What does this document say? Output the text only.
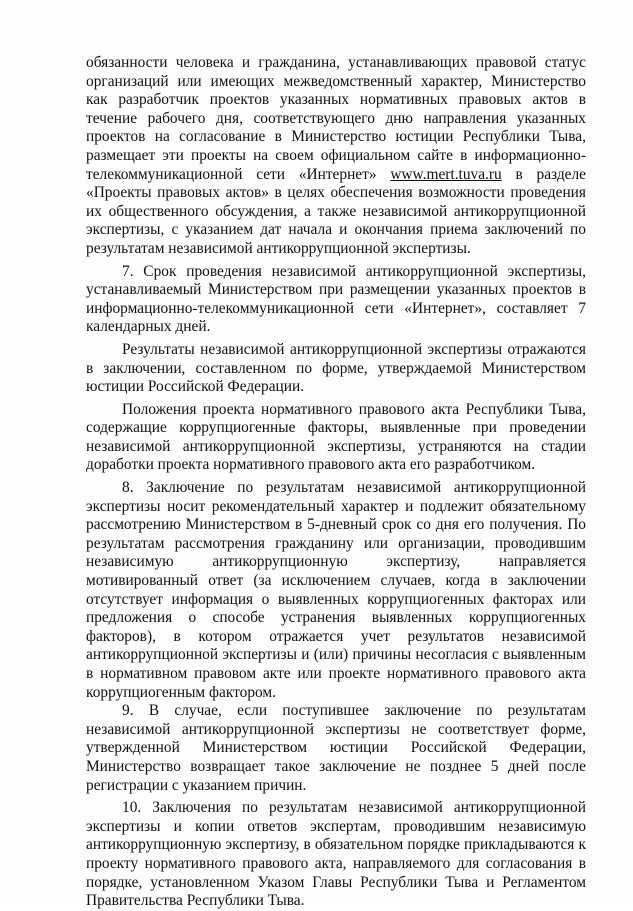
обязанности человека и гражданина, устанавливающих правовой статус организаций или имеющих межведомственный характер, Министерство как разработчик проектов указанных нормативных правовых актов в течение рабочего дня, соответствующего дню направления указанных проектов на согласование в Министерство юстиции Республики Тыва, размещает эти проекты на своем официальном сайте в информационно-телекоммуникационной сети «Интернет» www.mert.tuva.ru в разделе «Проекты правовых актов» в целях обеспечения возможности проведения их общественного обсуждения, а также независимой антикоррупционной экспертизы, с указанием дат начала и окончания приема заключений по результатам независимой антикоррупционной экспертизы.

7. Срок проведения независимой антикоррупционной экспертизы, устанавливаемый Министерством при размещении указанных проектов в информационно-телекоммуникационной сети «Интернет», составляет 7 календарных дней.

Результаты независимой антикоррупционной экспертизы отражаются в заключении, составленном по форме, утверждаемой Министерством юстиции Российской Федерации.

Положения проекта нормативного правового акта Республики Тыва, содержащие коррупциогенные факторы, выявленные при проведении независимой антикоррупционной экспертизы, устраняются на стадии доработки проекта нормативного правового акта его разработчиком.

8. Заключение по результатам независимой антикоррупционной экспертизы носит рекомендательный характер и подлежит обязательному рассмотрению Министерством в 5-дневный срок со дня его получения. По результатам рассмотрения гражданину или организации, проводившим независимую антикоррупционную экспертизу, направляется мотивированный ответ (за исключением случаев, когда в заключении отсутствует информация о выявленных коррупциогенных факторах или предложения о способе устранения выявленных коррупциогенных факторов), в котором отражается учет результатов независимой антикоррупционной экспертизы и (или) причины несогласия с выявленным в нормативном правовом акте или проекте нормативного правового акта коррупциогенным фактором.

9. В случае, если поступившее заключение по результатам независимой антикоррупционной экспертизы не соответствует форме, утвержденной Министерством юстиции Российской Федерации, Министерство возвращает такое заключение не позднее 5 дней после регистрации с указанием причин.

10. Заключения по результатам независимой антикоррупционной экспертизы и копии ответов экспертам, проводившим независимую антикоррупционную экспертизу, в обязательном порядке прикладываются к проекту нормативного правового акта, направляемого для согласования в порядке, установленном Указом Главы Республики Тыва и Регламентом Правительства Республики Тыва.
